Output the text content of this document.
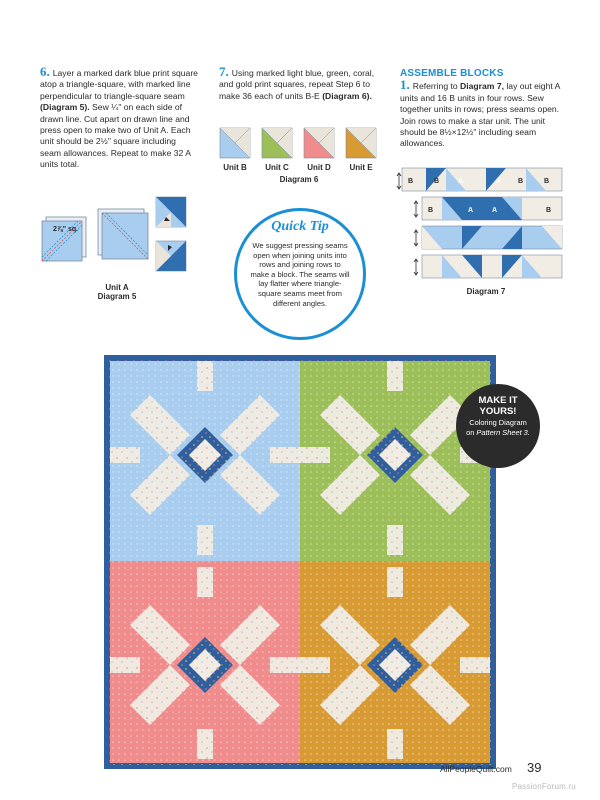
6. Layer a marked dark blue print square atop a triangle-square, with marked line perpendicular to triangle-square seam (Diagram 5). Sew ¼" on each side of drawn line. Cut apart on drawn line and press open to make two of Unit A. Each unit should be 2½" square including seam allowances. Repeat to make 32 A units total.
2⅞" sq.
Unit A
Diagram 5
7. Using marked light blue, green, coral, and gold print squares, repeat Step 6 to make 36 each of units B-E (Diagram 6).
Unit B	Unit C	Unit D	Unit E
Diagram 6
ASSEMBLE BLOCKS
1. Referring to Diagram 7, lay out eight A units and 16 B units in four rows. Sew together units in rows; press seams open. Join rows to make a star unit. The unit should be 8½×12½" including seam allowances.
B	B	A	A B	B
B	A	A	B
Diagram 7
Quick Tip
We suggest pressing seams open when joining units into rows and joining rows to make a block. The seams will lay flatter where triangle-square seams meet from different angles.
MAKE IT
YOURS!
Coloring Diagram
on Pattern Sheet 3.
AllPeopleQuilt.com 39
PassionForum.ru
